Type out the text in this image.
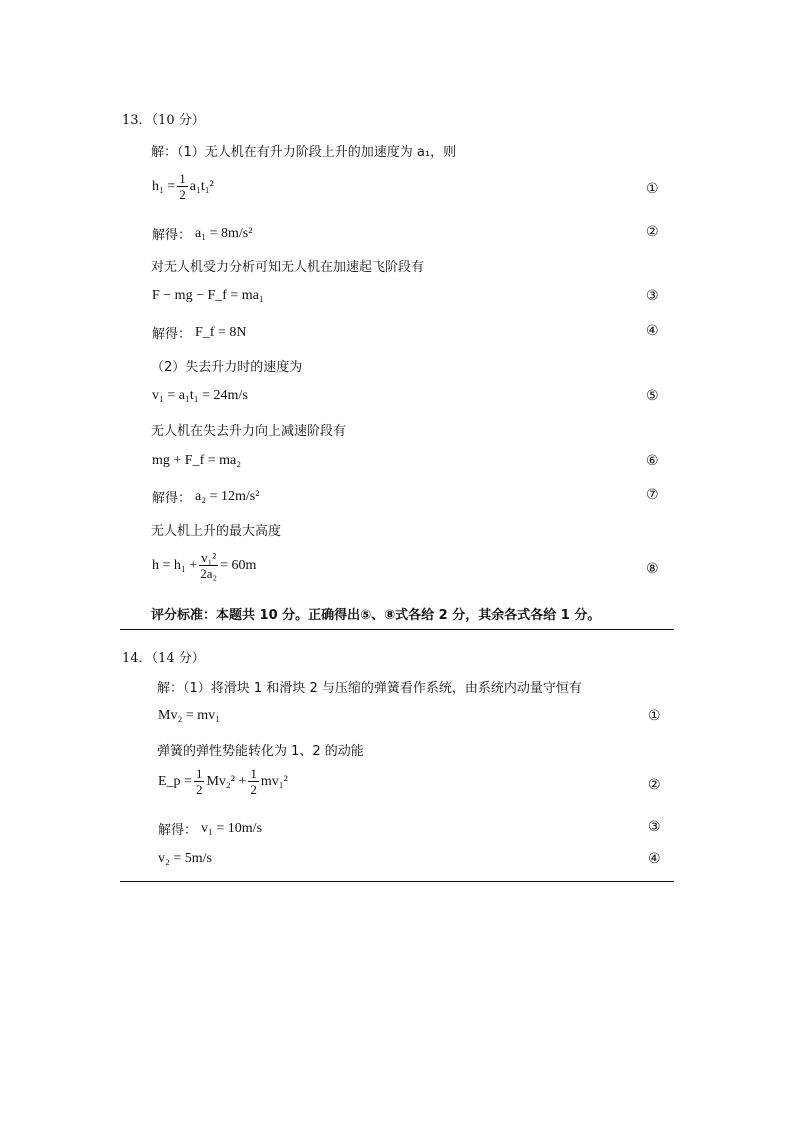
13．（10 分）
解：（1）无人机在有升力阶段上升的加速度为 a₁，则
$h_1 = \frac{1}{2} a_1t_1^2$	①
解得： a₁ = 8m/s²	②
对无人机受力分析可知无人机在加速起飞阶段有
F − mg − F_f = ma₁	③
解得： F_f = 8N	④
（2）失去升力时的速度为
v₁ = a₁t₁ = 24m/s	⑤
无人机在失去升力向上减速阶段有
mg + F_f = ma₂	⑥
解得： a₂ = 12m/s²	⑦
无人机上升的最大高度
$h = h_1 + \frac{\text{v₁²}}{\text{2a₂}} = 60m$	⑧
评分标准：本题共 10 分。正确得出⑤、⑧式各给 2 分，其余各式各给 1 分。
14．（14 分）
解：（1）将滑块 1 和滑块 2 与压缩的弹簧看作系统，由系统内动量守恒有
Mv₂ = mv₁	①
弹簧的弹性势能转化为 1、2 的动能
E_p = $\frac{1}{2} Mv_2^2 + \frac{1}{2} mv_1^2$	②
解得： v₁ = 10m/s	③
v₂ = 5m/s	④
